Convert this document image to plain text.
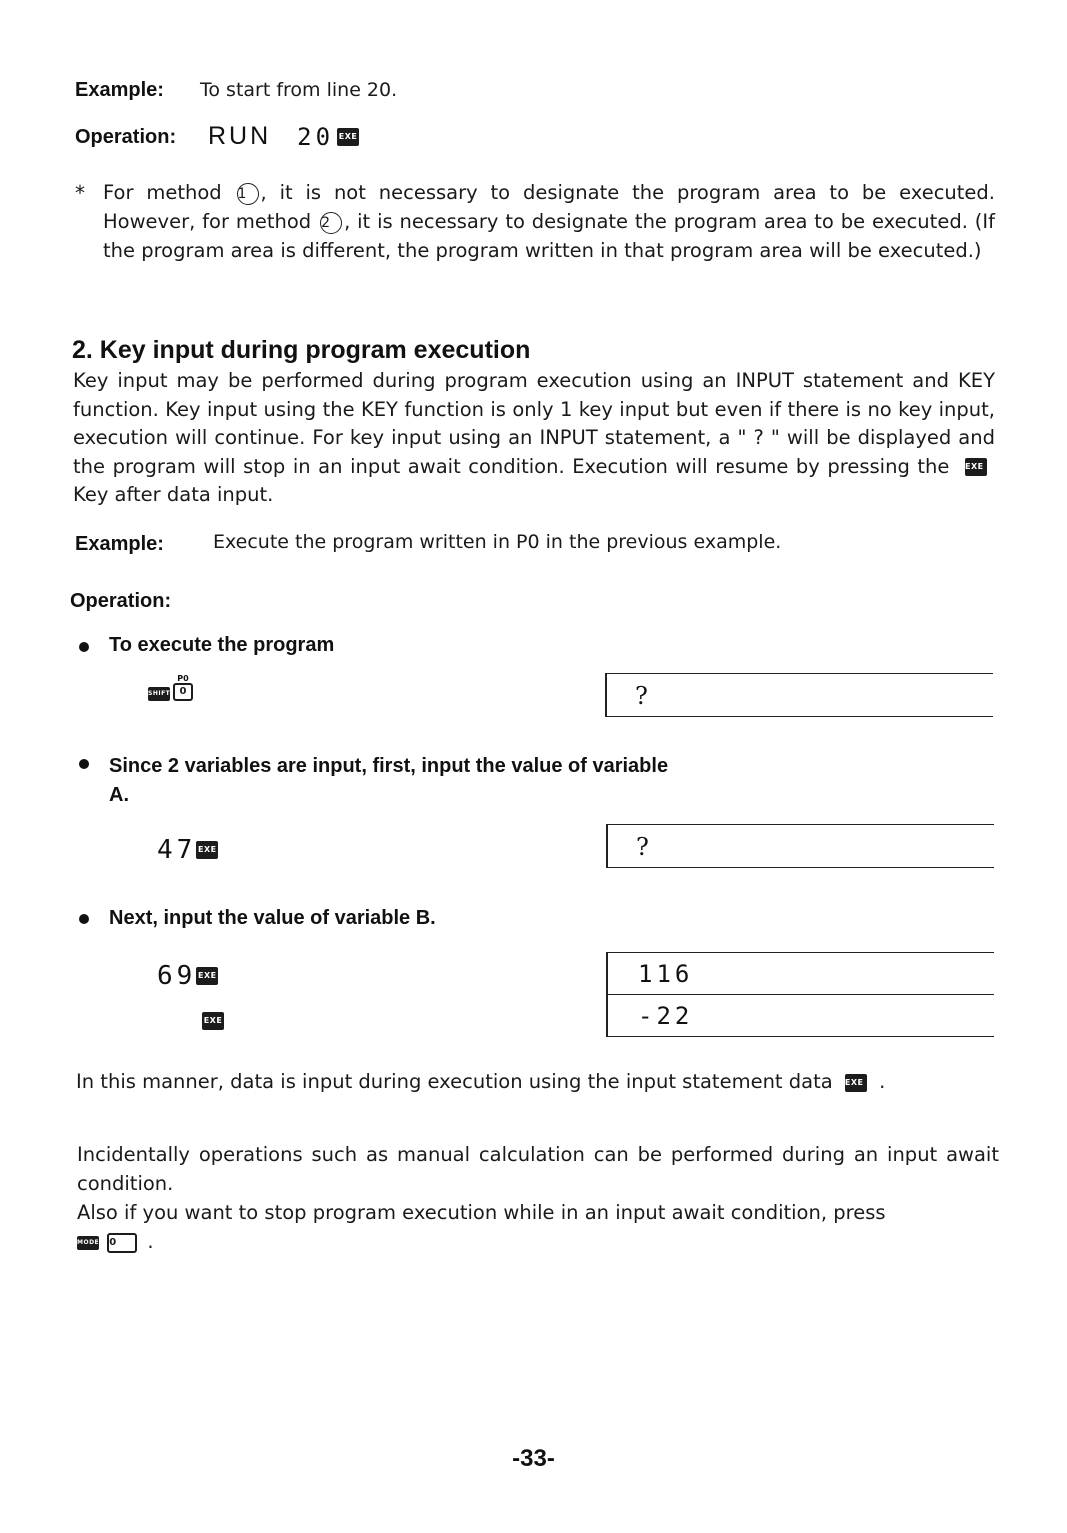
Example: To start from line 20.
Operation: RUN 20 EXE
* For method 1 , it is not necessary to designate the program area to be executed. However, for method 2 , it is necessary to designate the program area to be executed. (If the program area is different, the program written in that program area will be executed.)
2. Key input during program execution
Key input may be performed during program execution using an INPUT statement and KEY function. Key input using the KEY function is only 1 key input but even if there is no key input, execution will continue. For key input using an INPUT statement, a " ? " will be displayed and the program will stop in an input await condition. Execution will resume by pressing the EXE Key after data input.
Example:	Execute the program written in P0 in the previous example.
Operation:
To execute the program
SHIFT
P0
0	?
Since 2 variables are input, first, input the value of variable A.
47 EXE	?
Next, input the value of variable B.
69 EXE
EXE
116
-22
In this manner, data is input during execution using the input statement data EXE .
Incidentally operations such as manual calculation can be performed during an input await condition.
Also if you want to stop program execution while in an input await condition, press
MODE 0 .
-33-
